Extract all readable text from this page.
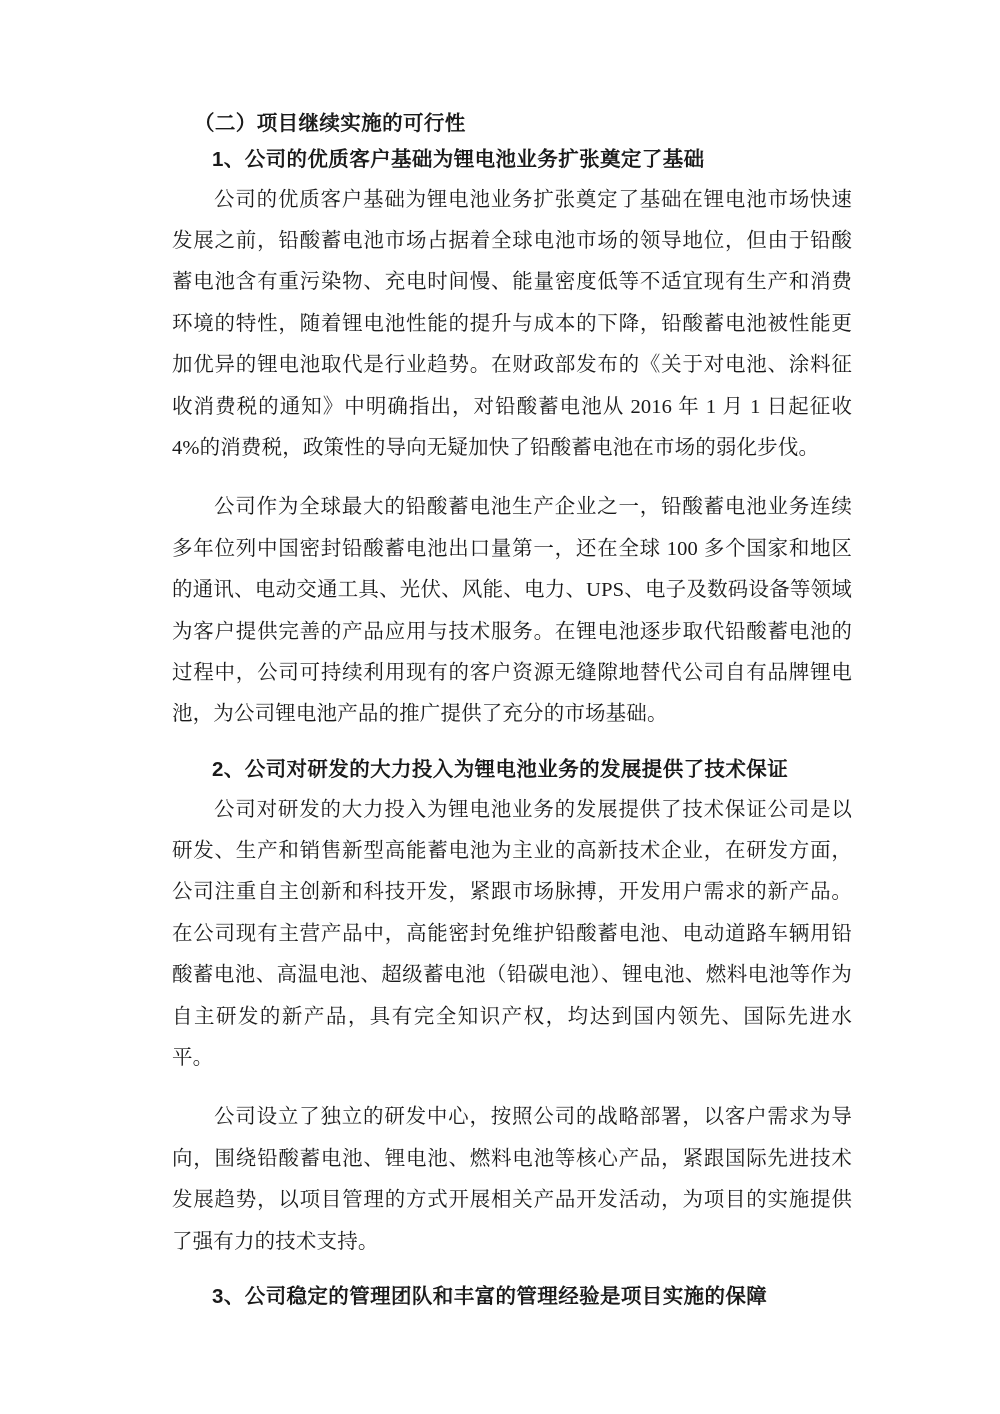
（二）项目继续实施的可行性
1、公司的优质客户基础为锂电池业务扩张奠定了基础

公司的优质客户基础为锂电池业务扩张奠定了基础在锂电池市场快速发展之前，铅酸蓄电池市场占据着全球电池市场的领导地位，但由于铅酸蓄电池含有重污染物、充电时间慢、能量密度低等不适宜现有生产和消费环境的特性，随着锂电池性能的提升与成本的下降，铅酸蓄电池被性能更加优异的锂电池取代是行业趋势。在财政部发布的《关于对电池、涂料征收消费税的通知》中明确指出，对铅酸蓄电池从 2016 年 1 月 1 日起征收 4%的消费税，政策性的导向无疑加快了铅酸蓄电池在市场的弱化步伐。

公司作为全球最大的铅酸蓄电池生产企业之一，铅酸蓄电池业务连续多年位列中国密封铅酸蓄电池出口量第一，还在全球 100 多个国家和地区的通讯、电动交通工具、光伏、风能、电力、UPS、电子及数码设备等领域为客户提供完善的产品应用与技术服务。在锂电池逐步取代铅酸蓄电池的过程中，公司可持续利用现有的客户资源无缝隙地替代公司自有品牌锂电池，为公司锂电池产品的推广提供了充分的市场基础。

2、公司对研发的大力投入为锂电池业务的发展提供了技术保证

公司对研发的大力投入为锂电池业务的发展提供了技术保证公司是以研发、生产和销售新型高能蓄电池为主业的高新技术企业，在研发方面，公司注重自主创新和科技开发，紧跟市场脉搏，开发用户需求的新产品。在公司现有主营产品中，高能密封免维护铅酸蓄电池、电动道路车辆用铅酸蓄电池、高温电池、超级蓄电池（铅碳电池）、锂电池、燃料电池等作为自主研发的新产品，具有完全知识产权，均达到国内领先、国际先进水平。

公司设立了独立的研发中心，按照公司的战略部署，以客户需求为导向，围绕铅酸蓄电池、锂电池、燃料电池等核心产品，紧跟国际先进技术发展趋势，以项目管理的方式开展相关产品开发活动，为项目的实施提供了强有力的技术支持。

3、公司稳定的管理团队和丰富的管理经验是项目实施的保障
